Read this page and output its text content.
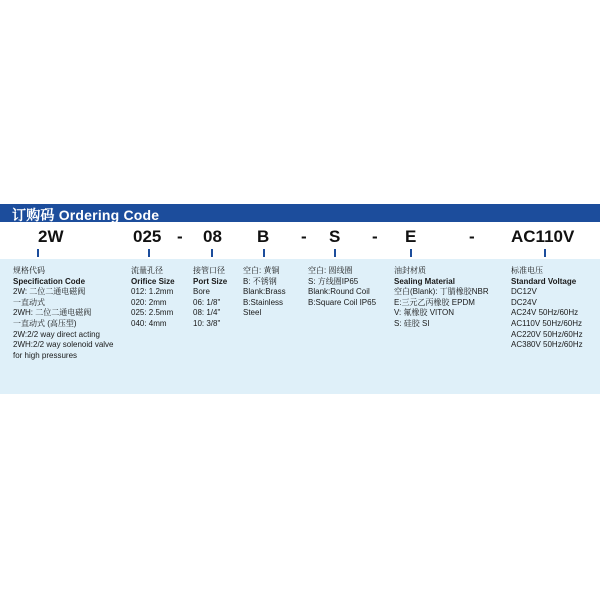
订购码 Ordering Code
2W	025 - 08 B - S - E	- AC110V
规格代码
Specification Code
2W: 二位二通电磁阀
一直动式
2WH: 二位二通电磁阀
一直动式 (高压型)
2W:2/2 way direct acting
2WH:2/2 way solenoid valve
for high pressures
流量孔径
Orifice Size
012: 1.2mm
020: 2mm
025: 2.5mm
040: 4mm
接管口径
Port Size
Bore
06: 1/8"
08: 1/4"
10: 3/8"
空白: 黄铜
B: 不锈钢
Blank:Brass
B:Stainless
Steel
空白: 圆线圈
S: 方线圈IP65
Blank:Round Coil
B:Square Coil IP65
油封材质
Sealing Material
空白(Blank): 丁腈橡胶NBR
E:三元乙丙橡胶 EPDM
V: 氟橡胶 VITON
S: 硅胶 SI
标准电压
Standard Voltage
DC12V
DC24V
AC24V 50Hz/60Hz
AC110V 50Hz/60Hz
AC220V 50Hz/60Hz
AC380V 50Hz/60Hz
